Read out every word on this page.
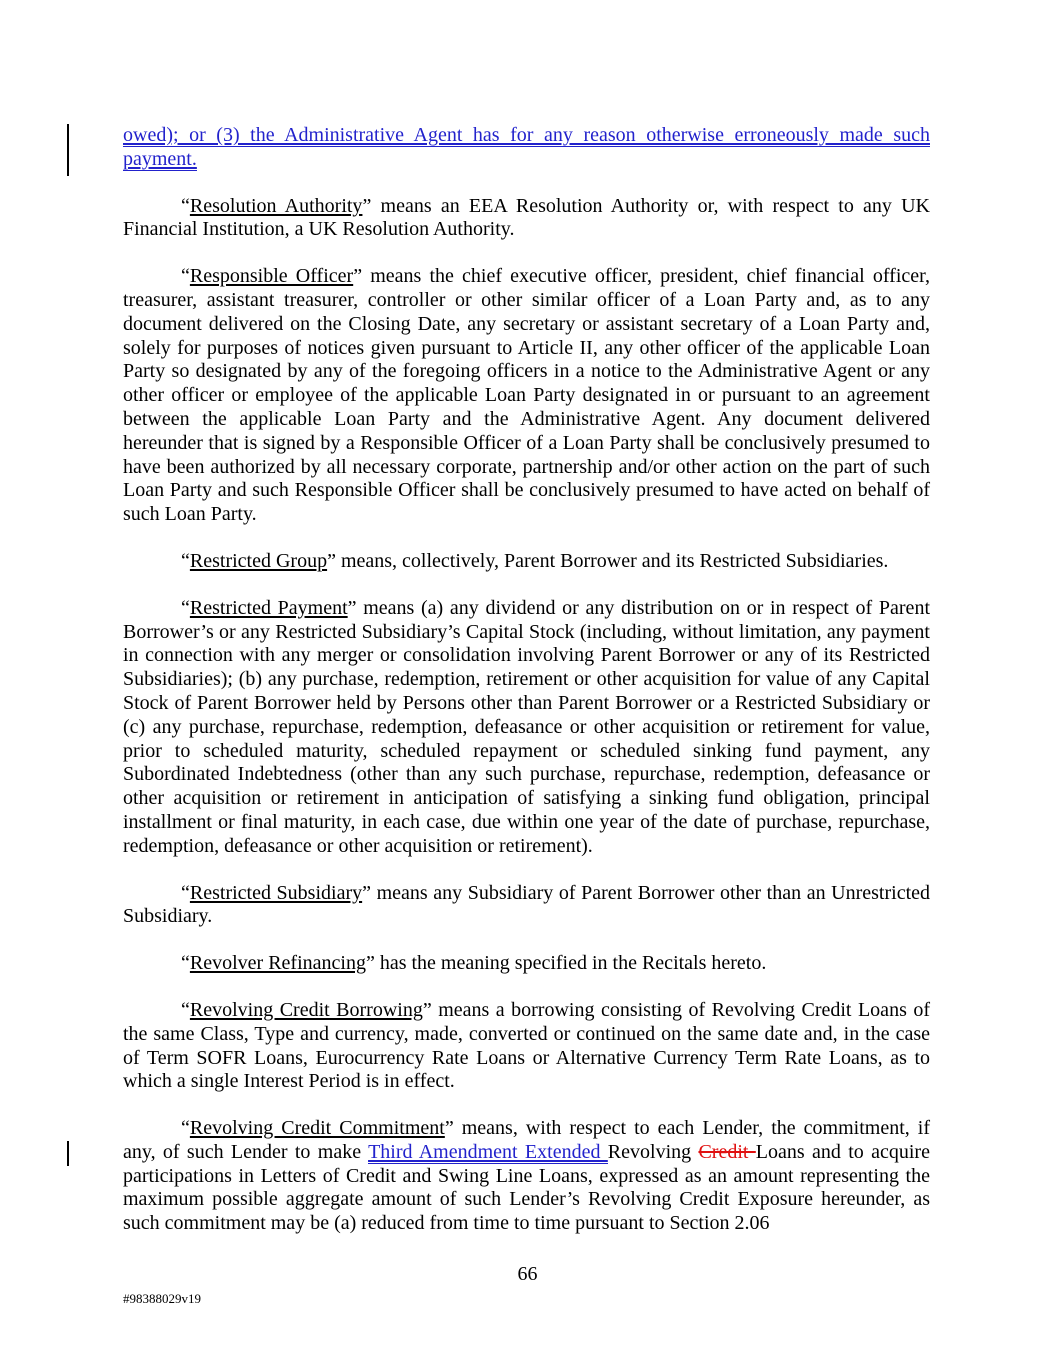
owed); or (3) the Administrative Agent has for any reason otherwise erroneously made such payment.

“Resolution Authority” means an EEA Resolution Authority or, with respect to any UK Financial Institution, a UK Resolution Authority.

“Responsible Officer” means the chief executive officer, president, chief financial officer, treasurer, assistant treasurer, controller or other similar officer of a Loan Party and, as to any document delivered on the Closing Date, any secretary or assistant secretary of a Loan Party and, solely for purposes of notices given pursuant to Article II, any other officer of the applicable Loan Party so designated by any of the foregoing officers in a notice to the Administrative Agent or any other officer or employee of the applicable Loan Party designated in or pursuant to an agreement between the applicable Loan Party and the Administrative Agent. Any document delivered hereunder that is signed by a Responsible Officer of a Loan Party shall be conclusively presumed to have been authorized by all necessary corporate, partnership and/or other action on the part of such Loan Party and such Responsible Officer shall be conclusively presumed to have acted on behalf of such Loan Party.

“Restricted Group” means, collectively, Parent Borrower and its Restricted Subsidiaries.

“Restricted Payment” means (a) any dividend or any distribution on or in respect of Parent Borrower’s or any Restricted Subsidiary’s Capital Stock (including, without limitation, any payment in connection with any merger or consolidation involving Parent Borrower or any of its Restricted Subsidiaries); (b) any purchase, redemption, retirement or other acquisition for value of any Capital Stock of Parent Borrower held by Persons other than Parent Borrower or a Restricted Subsidiary or (c) any purchase, repurchase, redemption, defeasance or other acquisition or retirement for value, prior to scheduled maturity, scheduled repayment or scheduled sinking fund payment, any Subordinated Indebtedness (other than any such purchase, repurchase, redemption, defeasance or other acquisition or retirement in anticipation of satisfying a sinking fund obligation, principal installment or final maturity, in each case, due within one year of the date of purchase, repurchase, redemption, defeasance or other acquisition or retirement).

“Restricted Subsidiary” means any Subsidiary of Parent Borrower other than an Unrestricted Subsidiary.

“Revolver Refinancing” has the meaning specified in the Recitals hereto.

“Revolving Credit Borrowing” means a borrowing consisting of Revolving Credit Loans of the same Class, Type and currency, made, converted or continued on the same date and, in the case of Term SOFR Loans, Eurocurrency Rate Loans or Alternative Currency Term Rate Loans, as to which a single Interest Period is in effect.

“Revolving Credit Commitment” means, with respect to each Lender, the commitment, if any, of such Lender to make Third Amendment Extended Revolving Credit Loans and to acquire participations in Letters of Credit and Swing Line Loans, expressed as an amount representing the maximum possible aggregate amount of such Lender’s Revolving Credit Exposure hereunder, as such commitment may be (a) reduced from time to time pursuant to Section 2.06

66
#98388029v19
